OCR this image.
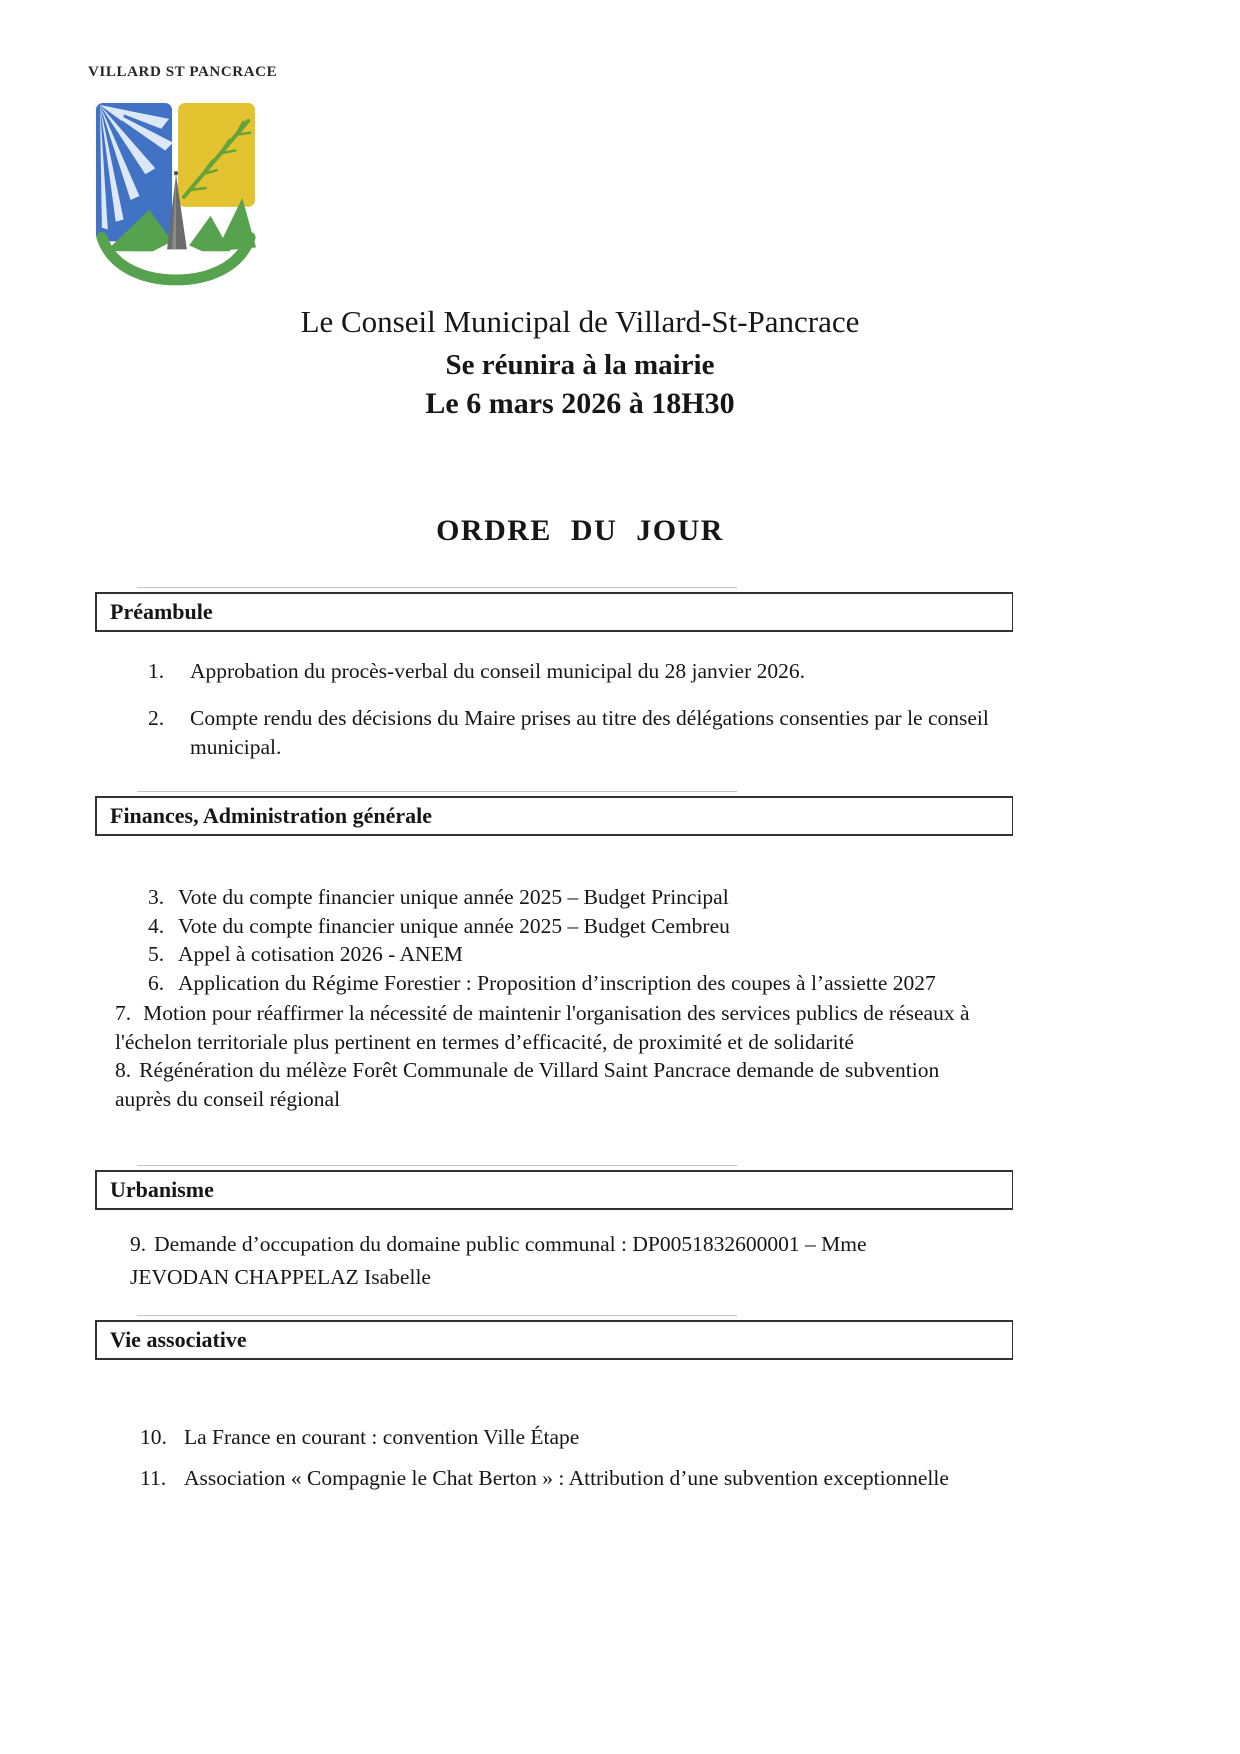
VILLARD ST PANCRACE
Le Conseil Municipal de Villard-St-Pancrace
Se réunira à la mairie
Le 6 mars 2026 à 18H30
ORDRE DU JOUR
Préambule
1.	Approbation du procès-verbal du conseil municipal du 28 janvier 2026.
2.	Compte rendu des décisions du Maire prises au titre des délégations consenties par le conseil
municipal.
Finances, Administration générale
3. Vote du compte financier unique année 2025 – Budget Principal
4. Vote du compte financier unique année 2025 – Budget Cembreu
5. Appel à cotisation 2026 - ANEM
6. Application du Régime Forestier : Proposition d’inscription des coupes à l’assiette 2027
7. Motion pour réaffirmer la nécessité de maintenir l'organisation des services publics de réseaux à
l'échelon territoriale plus pertinent en termes d’efficacité, de proximité et de solidarité
8. Régénération du mélèze Forêt Communale de Villard Saint Pancrace demande de subvention
auprès du conseil régional
Urbanisme
9. Demande d’occupation du domaine public communal : DP0051832600001 – Mme
JEVODAN CHAPPELAZ Isabelle
Vie associative
10. La France en courant : convention Ville Étape
11. Association « Compagnie le Chat Berton » : Attribution d’une subvention exceptionnelle
